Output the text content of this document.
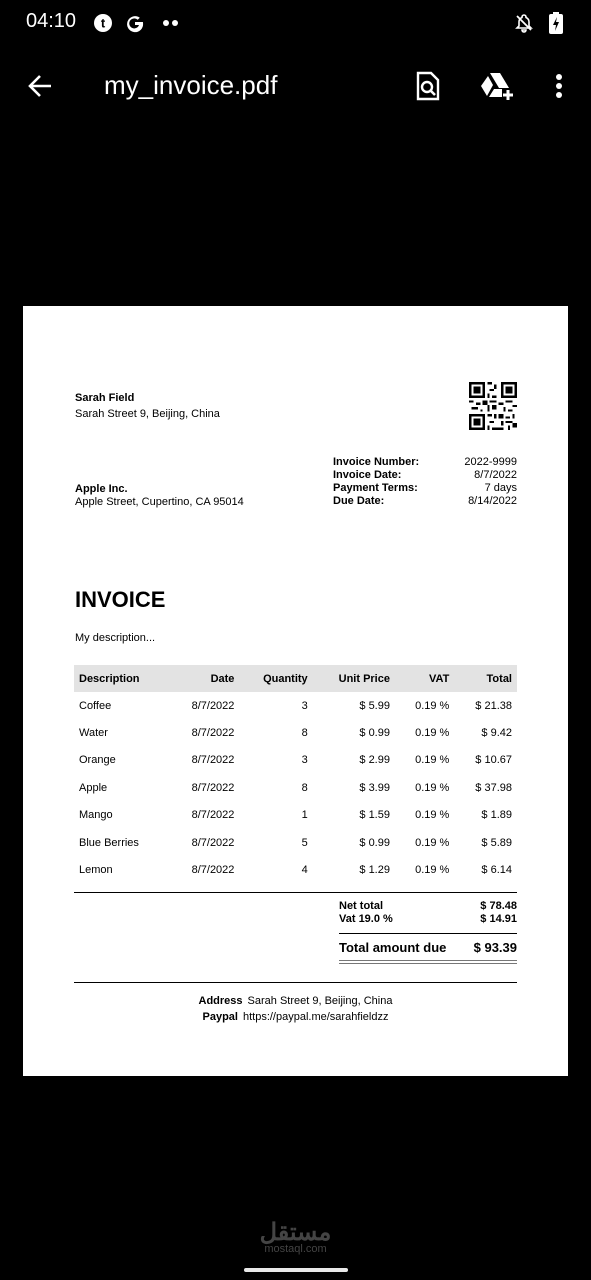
04:10 t
my_invoice.pdf
Sarah Field
Sarah Street 9, Beijing, China
Invoice Number:	2022-9999
Invoice Date:	8/7/2022
Payment Terms:	7 days
Due Date:	8/14/2022
Apple Inc.
Apple Street, Cupertino, CA 95014
INVOICE
My description...
Description	Date	Quantity	Unit Price	VAT	Total
Coffee	8/7/2022	3	$ 5.99	0.19 %	$ 21.38
Water	8/7/2022	8	$ 0.99	0.19 %	$ 9.42
Orange	8/7/2022	3	$ 2.99	0.19 %	$ 10.67
Apple	8/7/2022	8	$ 3.99	0.19 %	$ 37.98
Mango	8/7/2022	1	$ 1.59	0.19 %	$ 1.89
Blue Berries	8/7/2022	5	$ 0.99	0.19 %	$ 5.89
Lemon	8/7/2022	4	$ 1.29	0.19 %	$ 6.14
Net total	$ 78.48
Vat 19.0 %	$ 14.91
Total amount due $ 93.39
Address Sarah Street 9, Beijing, China
Paypal https://paypal.me/sarahfieldzz
مستقل
mostaql.com
